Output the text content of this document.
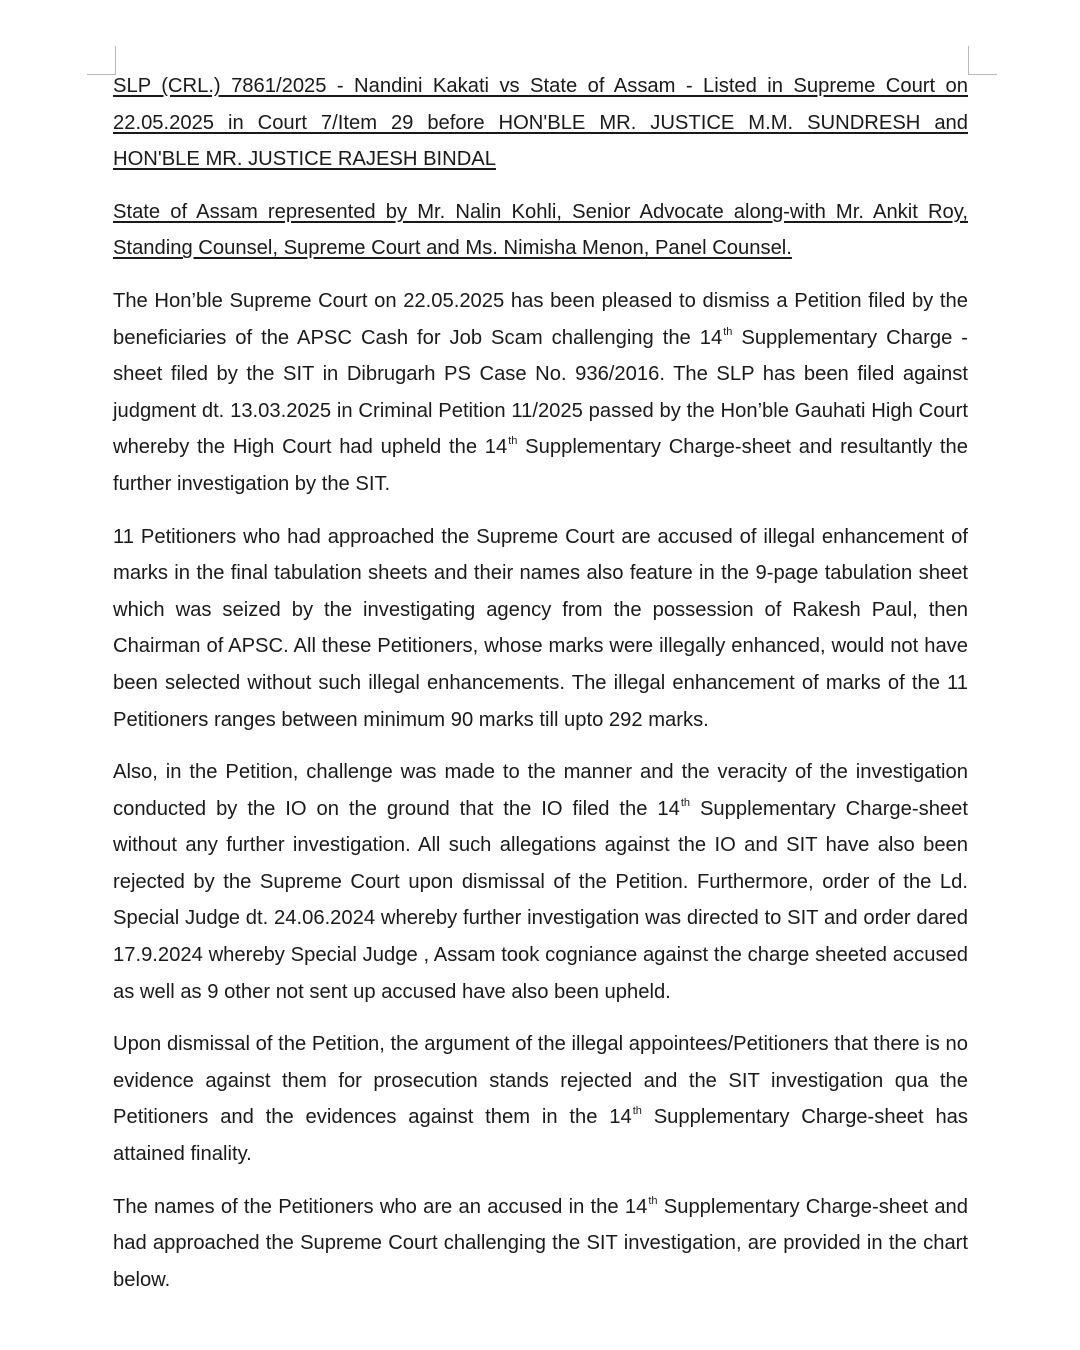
SLP (CRL.) 7861/2025 - Nandini Kakati vs State of Assam - Listed in Supreme Court on 22.05.2025 in Court 7/Item 29 before HON'BLE MR. JUSTICE M.M. SUNDRESH and HON'BLE MR. JUSTICE RAJESH BINDAL

State of Assam represented by Mr. Nalin Kohli, Senior Advocate along-with Mr. Ankit Roy, Standing Counsel, Supreme Court and Ms. Nimisha Menon, Panel Counsel.

The Hon’ble Supreme Court on 22.05.2025 has been pleased to dismiss a Petition filed by the beneficiaries of the APSC Cash for Job Scam challenging the 14th Supplementary Charge -sheet filed by the SIT in Dibrugarh PS Case No. 936/2016. The SLP has been filed against judgment dt. 13.03.2025 in Criminal Petition 11/2025 passed by the Hon’ble Gauhati High Court whereby the High Court had upheld the 14th Supplementary Charge-sheet and resultantly the further investigation by the SIT.

11 Petitioners who had approached the Supreme Court are accused of illegal enhancement of marks in the final tabulation sheets and their names also feature in the 9-page tabulation sheet which was seized by the investigating agency from the possession of Rakesh Paul, then Chairman of APSC. All these Petitioners, whose marks were illegally enhanced, would not have been selected without such illegal enhancements. The illegal enhancement of marks of the 11 Petitioners ranges between minimum 90 marks till upto 292 marks.

Also, in the Petition, challenge was made to the manner and the veracity of the investigation conducted by the IO on the ground that the IO filed the 14th Supplementary Charge-sheet without any further investigation. All such allegations against the IO and SIT have also been rejected by the Supreme Court upon dismissal of the Petition. Furthermore, order of the Ld. Special Judge dt. 24.06.2024 whereby further investigation was directed to SIT and order dared 17.9.2024 whereby Special Judge , Assam took cogniance against the charge sheeted accused as well as 9 other not sent up accused have also been upheld.

Upon dismissal of the Petition, the argument of the illegal appointees/Petitioners that there is no evidence against them for prosecution stands rejected and the SIT investigation qua the Petitioners and the evidences against them in the 14th Supplementary Charge-sheet has attained finality.

The names of the Petitioners who are an accused in the 14th Supplementary Charge-sheet and had approached the Supreme Court challenging the SIT investigation, are provided in the chart below.
